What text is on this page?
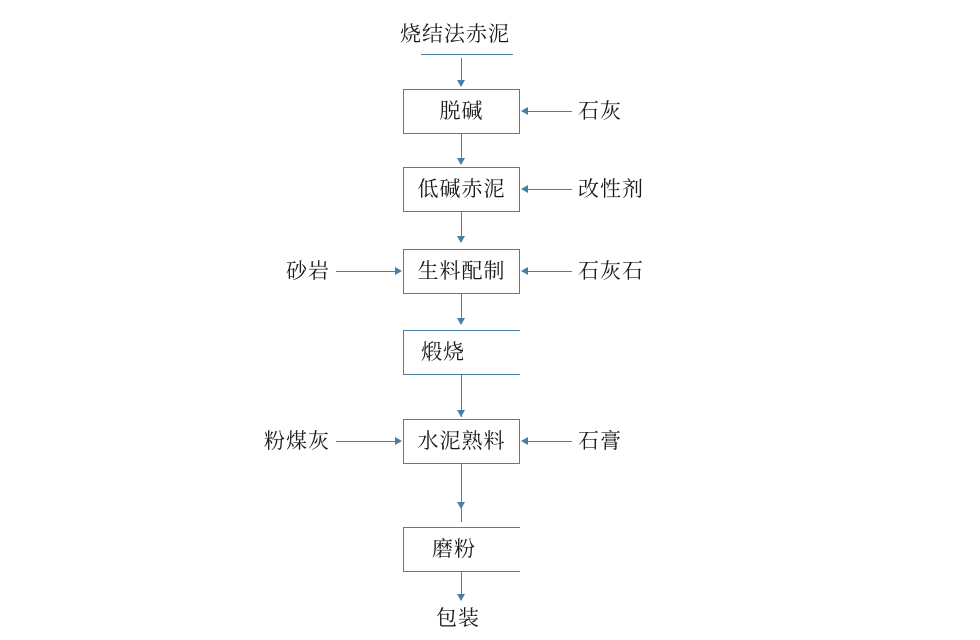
烧结法赤泥
脱碱	石灰
低碱赤泥	改性剂
生料配制
砂岩	石灰石
煅烧
水泥熟料
粉煤灰	石膏
磨粉
包装
